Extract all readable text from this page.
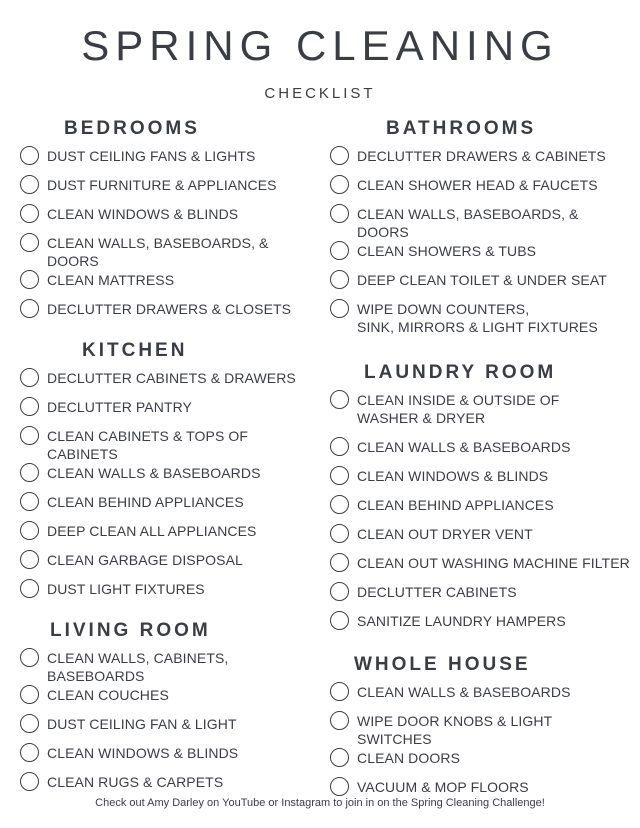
SPRING CLEANING
CHECKLIST
BEDROOMS
DUST CEILING FANS & LIGHTS
DUST FURNITURE & APPLIANCES
CLEAN WINDOWS & BLINDS
CLEAN WALLS, BASEBOARDS, & DOORS
CLEAN MATTRESS
DECLUTTER DRAWERS & CLOSETS
KITCHEN
DECLUTTER CABINETS & DRAWERS
DECLUTTER PANTRY
CLEAN CABINETS & TOPS OF CABINETS
CLEAN WALLS & BASEBOARDS
CLEAN BEHIND APPLIANCES
DEEP CLEAN ALL APPLIANCES
CLEAN GARBAGE DISPOSAL
DUST LIGHT FIXTURES
LIVING ROOM
CLEAN WALLS, CABINETS, BASEBOARDS
CLEAN COUCHES
DUST CEILING FAN & LIGHT
CLEAN WINDOWS & BLINDS
CLEAN RUGS & CARPETS
BATHROOMS
DECLUTTER DRAWERS & CABINETS
CLEAN SHOWER HEAD & FAUCETS
CLEAN WALLS, BASEBOARDS, & DOORS
CLEAN SHOWERS & TUBS
DEEP CLEAN TOILET & UNDER SEAT
WIPE DOWN COUNTERS,
SINK, MIRRORS & LIGHT FIXTURES
LAUNDRY ROOM
CLEAN INSIDE & OUTSIDE OF
WASHER & DRYER
CLEAN WALLS & BASEBOARDS
CLEAN WINDOWS & BLINDS
CLEAN BEHIND APPLIANCES
CLEAN OUT DRYER VENT
CLEAN OUT WASHING MACHINE FILTER
DECLUTTER CABINETS
SANITIZE LAUNDRY HAMPERS
WHOLE HOUSE
CLEAN WALLS & BASEBOARDS
WIPE DOOR KNOBS & LIGHT SWITCHES
CLEAN DOORS
VACUUM & MOP FLOORS
Check out Amy Darley on YouTube or Instagram to join in on the Spring Cleaning Challenge!
